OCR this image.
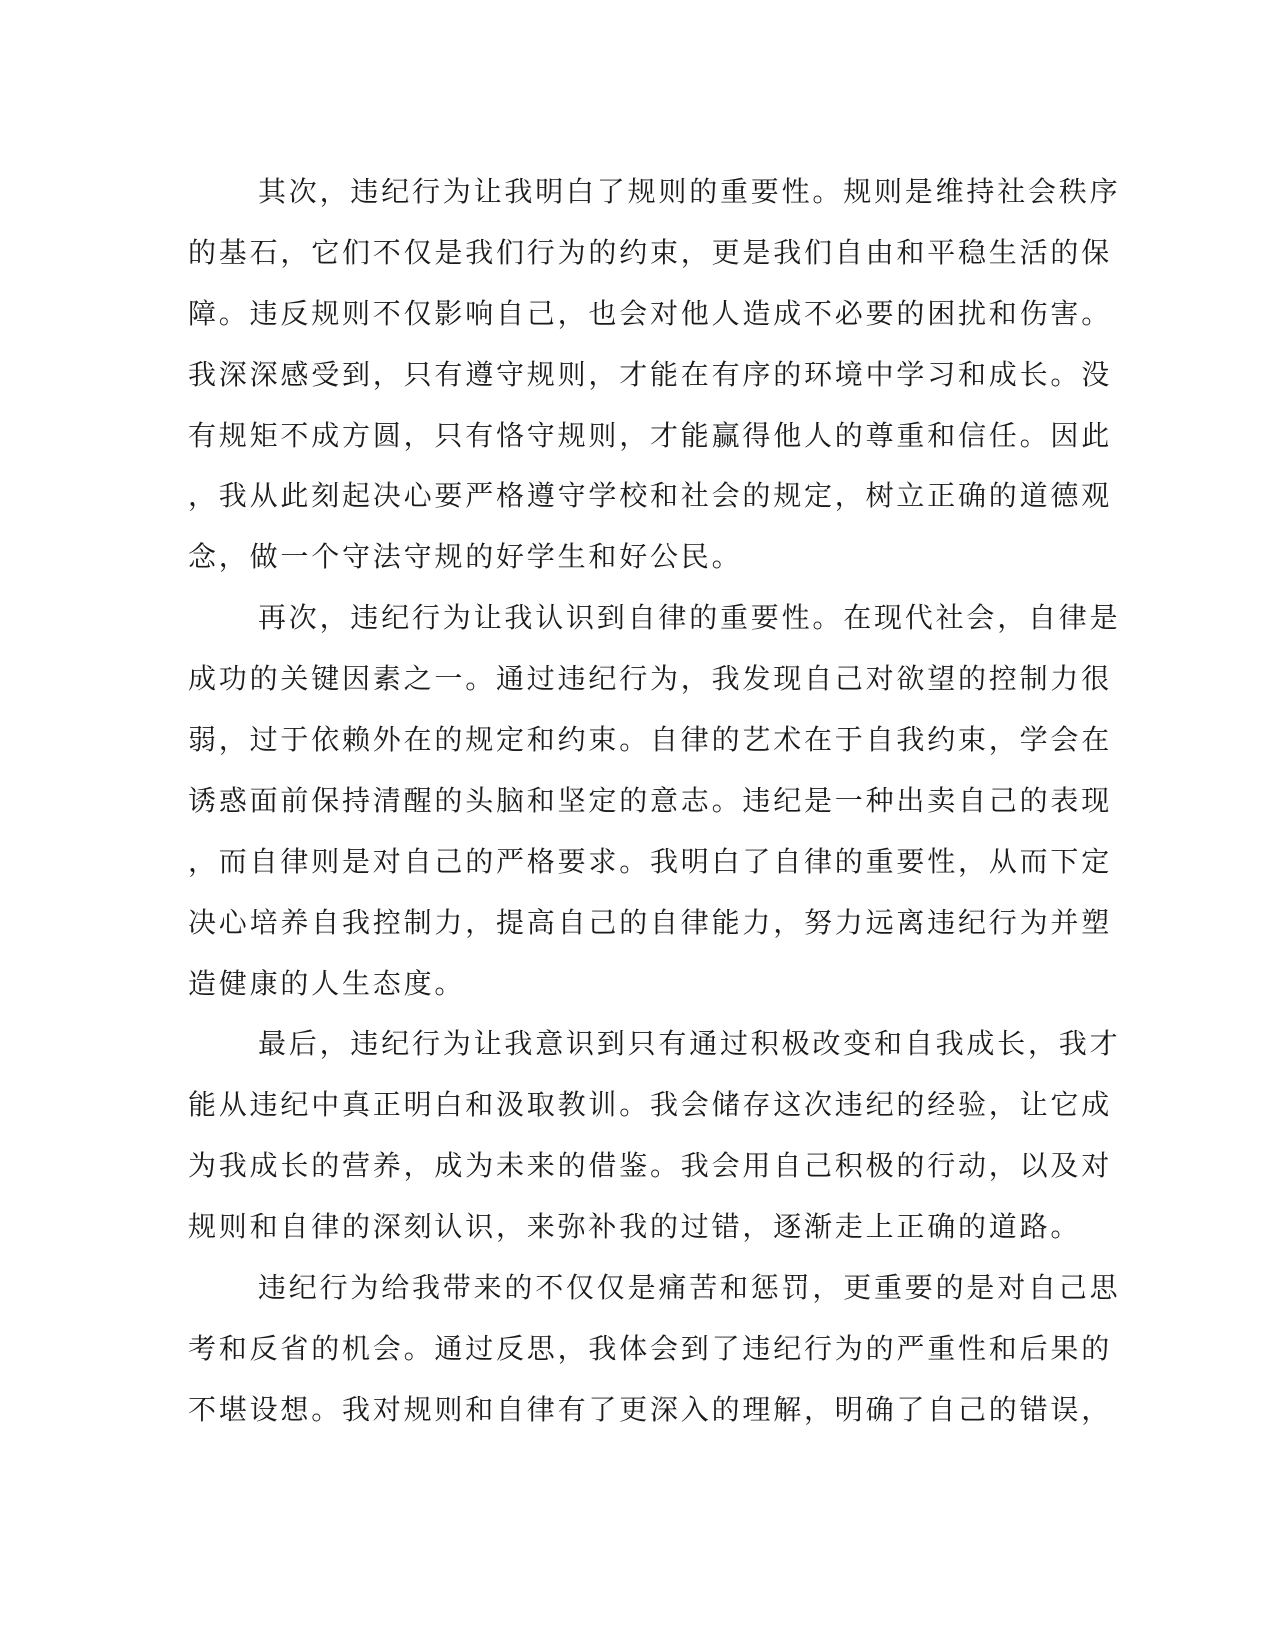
其次，违纪行为让我明白了规则的重要性。规则是维持社会秩序
的基石，它们不仅是我们行为的约束，更是我们自由和平稳生活的保
障。违反规则不仅影响自己，也会对他人造成不必要的困扰和伤害。
我深深感受到，只有遵守规则，才能在有序的环境中学习和成长。没
有规矩不成方圆，只有恪守规则，才能赢得他人的尊重和信任。因此
，我从此刻起决心要严格遵守学校和社会的规定，树立正确的道德观
念，做一个守法守规的好学生和好公民。
再次，违纪行为让我认识到自律的重要性。在现代社会，自律是
成功的关键因素之一。通过违纪行为，我发现自己对欲望的控制力很
弱，过于依赖外在的规定和约束。自律的艺术在于自我约束，学会在
诱惑面前保持清醒的头脑和坚定的意志。违纪是一种出卖自己的表现
，而自律则是对自己的严格要求。我明白了自律的重要性，从而下定
决心培养自我控制力，提高自己的自律能力，努力远离违纪行为并塑
造健康的人生态度。
最后，违纪行为让我意识到只有通过积极改变和自我成长，我才
能从违纪中真正明白和汲取教训。我会储存这次违纪的经验，让它成
为我成长的营养，成为未来的借鉴。我会用自己积极的行动，以及对
规则和自律的深刻认识，来弥补我的过错，逐渐走上正确的道路。
违纪行为给我带来的不仅仅是痛苦和惩罚，更重要的是对自己思
考和反省的机会。通过反思，我体会到了违纪行为的严重性和后果的
不堪设想。我对规则和自律有了更深入的理解，明确了自己的错误，
